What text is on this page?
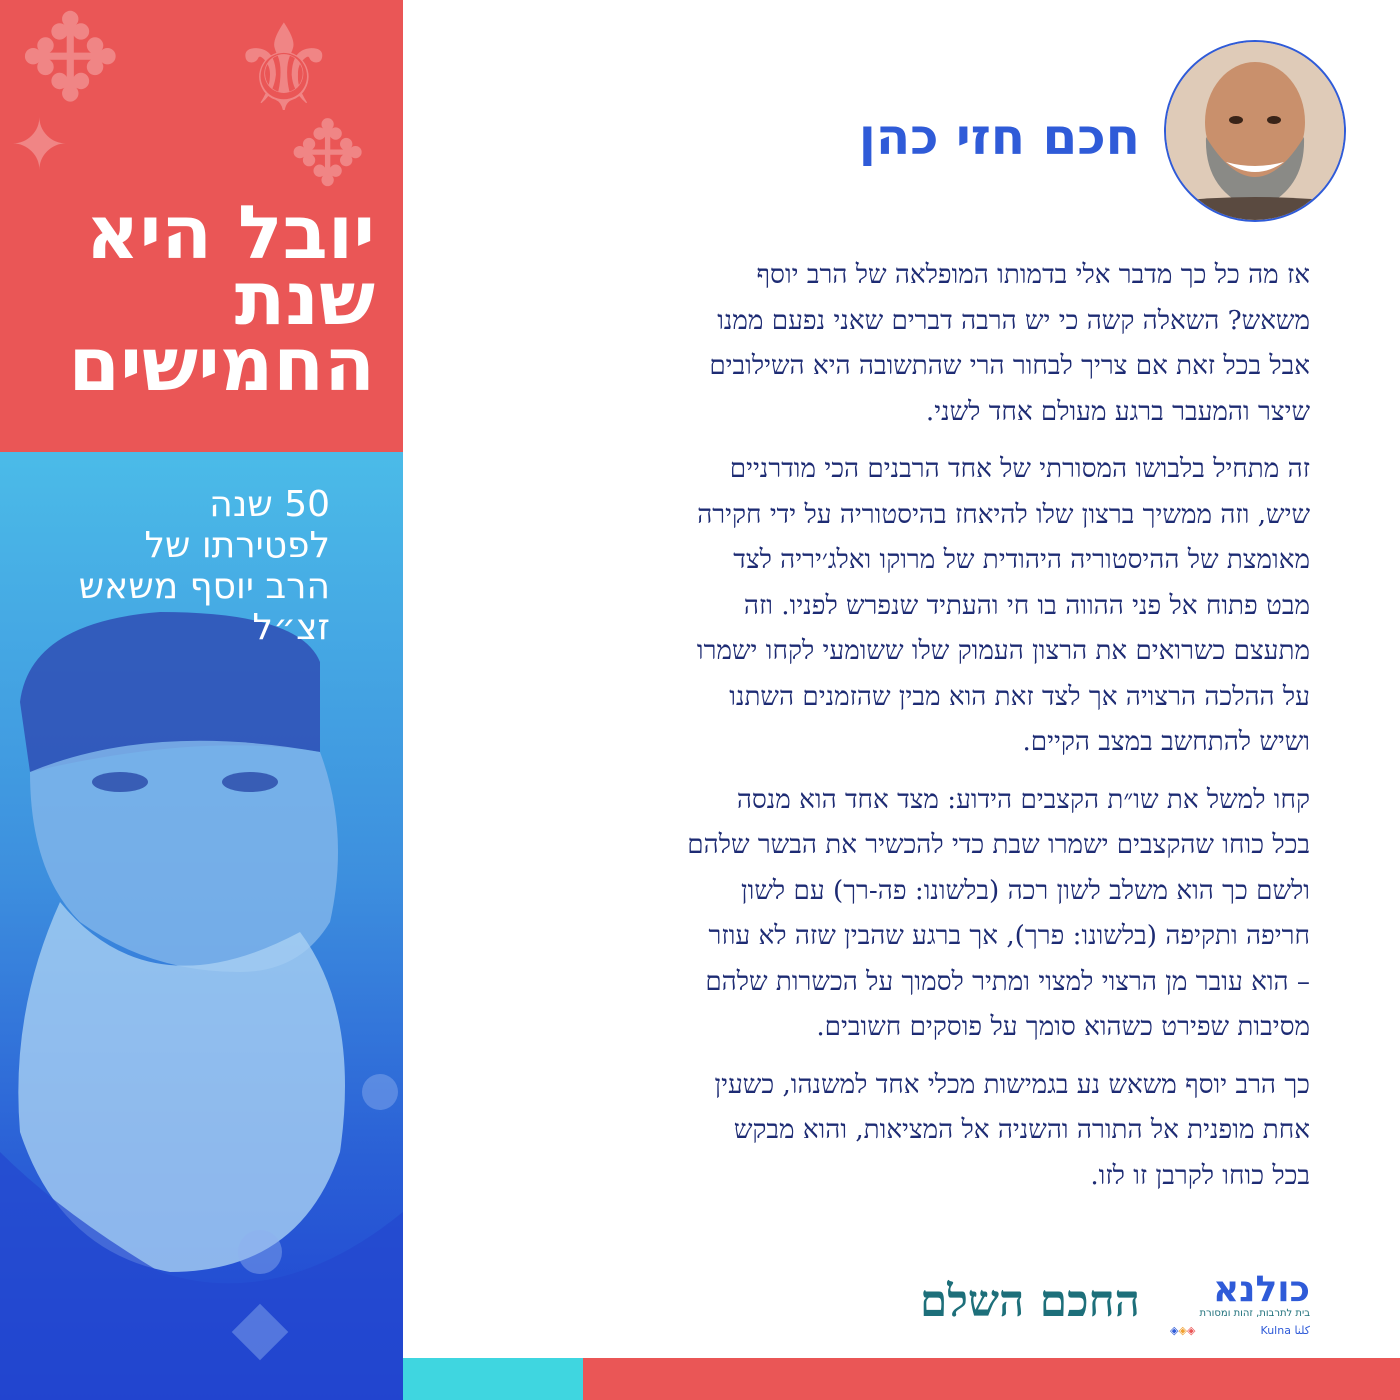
✥ ⚜
✦ ✥
יובל היא
שנת
החמישים
50 שנה
לפטירתו של
הרב יוסף משאש
זצ״ל
חכם חזי כהן

אז מה כל כך מדבר אלי בדמותו המופלאה של הרב יוסף
משאש? השאלה קשה כי יש הרבה דברים שאני נפעם ממנו
אבל בכל זאת אם צריך לבחור הרי שהתשובה היא השילובים
שיצר והמעבר ברגע מעולם אחד לשני.

זה מתחיל בלבושו המסורתי של אחד הרבנים הכי מודרניים
שיש, וזה ממשיך ברצון שלו להיאחז בהיסטוריה על ידי חקירה
מאומצת של ההיסטוריה היהודית של מרוקו ואלג׳יריה לצד
מבט פתוח אל פני ההווה בו חי והעתיד שנפרש לפניו. וזה
מתעצם כשרואים את הרצון העמוק שלו ששומעי לקחו ישמרו
על ההלכה הרצויה אך לצד זאת הוא מבין שהזמנים השתנו
ושיש להתחשב במצב הקיים.

קחו למשל את שו״ת הקצבים הידוע: מצד אחד הוא מנסה
בכל כוחו שהקצבים ישמרו שבת כדי להכשיר את הבשר שלהם
ולשם כך הוא משלב לשון רכה (בלשונו: פה-רך) עם לשון
חריפה ותקיפה (בלשונו: פרך), אך ברגע שהבין שזה לא עוזר
– הוא עובר מן הרצוי למצוי ומתיר לסמוך על הכשרות שלהם
מסיבות שפירט כשהוא סומך על פוסקים חשובים.

כך הרב יוסף משאש נע בגמישות מכלי אחד למשנהו, כשעין
אחת מופנית אל התורה והשניה אל המציאות, והוא מבקש
בכל כוחו לקרבן זו לזו.

החכם השלם כולנא
בית לתרבות, זהות ומסורת
Kulna كلنا
◈◈◈
